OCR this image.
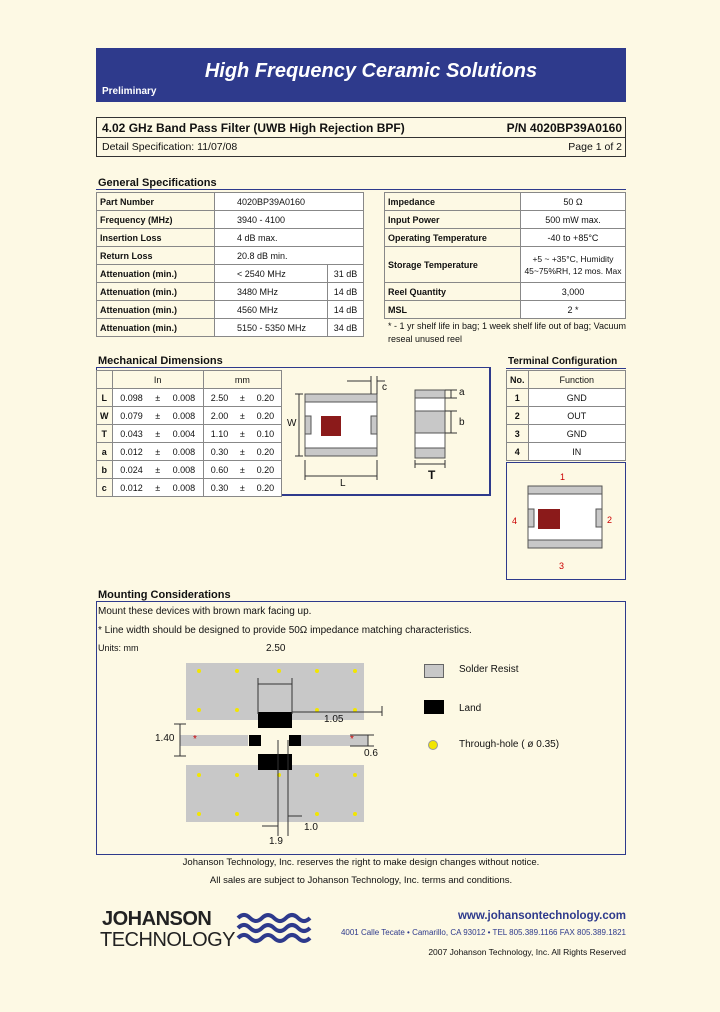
High Frequency Ceramic Solutions
Preliminary
4.02 GHz Band Pass Filter (UWB High Rejection BPF)	P/N 4020BP39A0160
Detail Specification: 11/07/08	Page 1 of 2
General Specifications
Part Number	4020BP39A0160	
Frequency (MHz)	3940 - 4100	
Insertion Loss	4 dB max.	
Return Loss	20.8 dB min.	
Attenuation (min.)	< 2540 MHz	31 dB
Attenuation (min.)	3480 MHz	14 dB
Attenuation (min.)	4560 MHz	14 dB
Attenuation (min.)	5150 - 5350 MHz	34 dB
Impedance	50 Ω
Input Power	500 mW max.
Operating Temperature	-40 to +85°C
Storage Temperature	+5 ~ +35°C, Humidity 45~75%RH, 12 mos. Max
Reel Quantity	3,000
MSL	2 *
* - 1 yr shelf life in bag; 1 week shelf life out of bag; Vacuum reseal unused reel
Mechanical Dimensions
	In			mm		
L	0.098	±	0.008	2.50	±	0.20
W	0.079	±	0.008	2.00	±	0.20
T	0.043	±	0.004	1.10	±	0.10
a	0.012	±	0.008	0.30	±	0.20
b	0.024	±	0.008	0.60	±	0.20
c	0.012	±	0.008	0.30	±	0.20
W
L
c	a
b
T
Terminal Configuration
No.	Function
1	GND
2	OUT
3	GND
4	IN
1
2
3
4
Mounting Considerations
Mount these devices with brown mark facing up.
* Line width should be designed to provide 50Ω impedance matching characteristics.
Units: mm
*	*
2.50
1.05
1.40
0.6
1.0
1.9
Solder Resist
Land
Through-hole ( ø 0.35)
Johanson Technology, Inc. reserves the right to make design changes without notice.
All sales are subject to Johanson Technology, Inc. terms and conditions.
JOHANSON
TECHNOLOGY
www.johansontechnology.com
4001 Calle Tecate • Camarillo, CA 93012 • TEL 805.389.1166 FAX 805.389.1821
2007 Johanson Technology, Inc. All Rights Reserved
